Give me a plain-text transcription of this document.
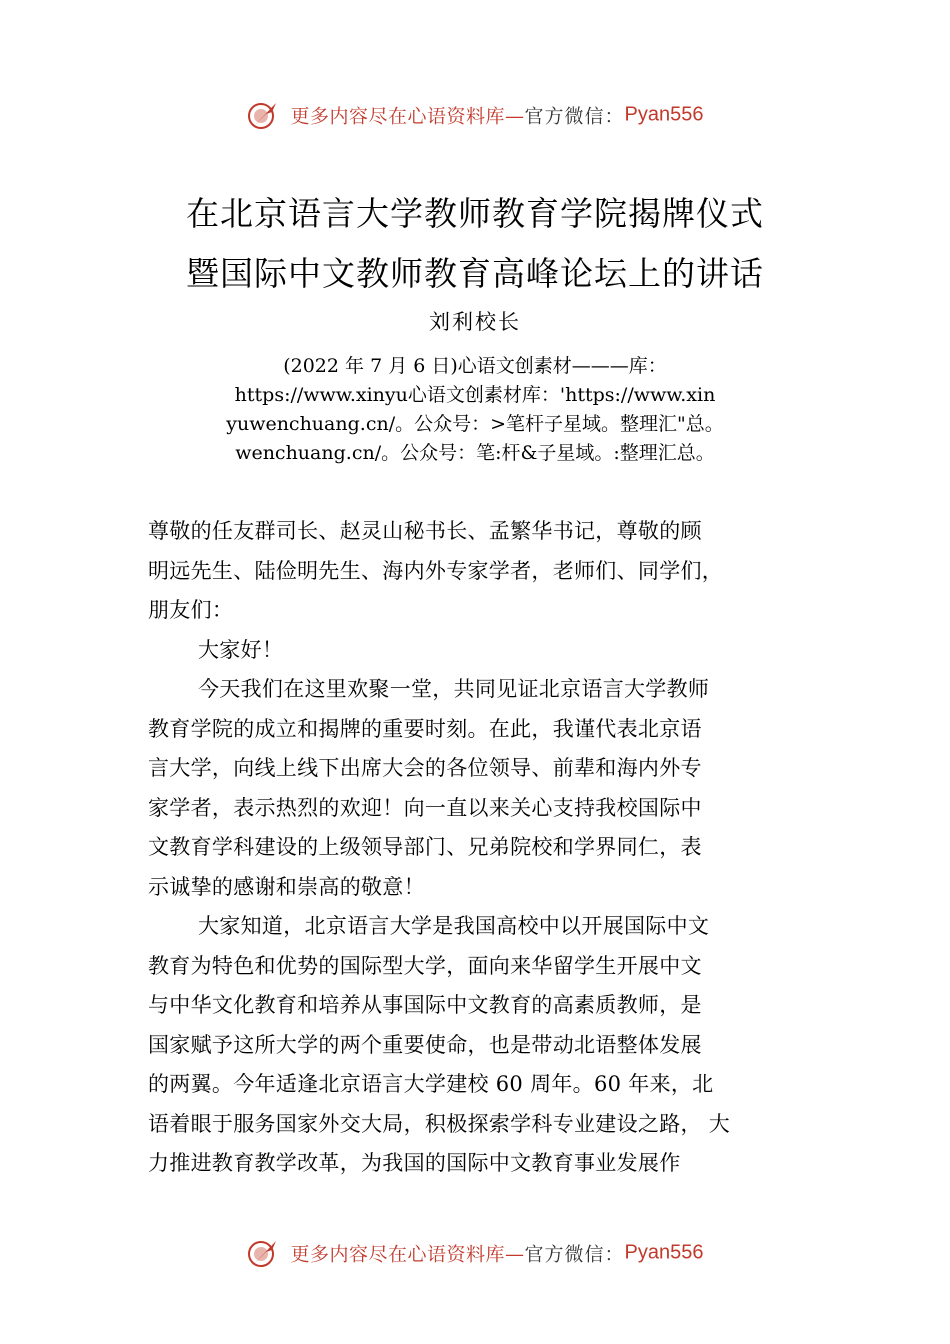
更多内容尽在心语资料库—官方微信：Pyan556
在北京语言大学教师教育学院揭牌仪式
暨国际中文教师教育高峰论坛上的讲话
刘利校长
(2022 年 7 月 6 日)心语文创素材———库：
https://www.xinyu心语文创素材库：'https://www.xin
yuwenchuang.cn/。公众号：>笔杆子星域。整理汇"总。
wenchuang.cn/。公众号：笔:杆&子星域。:整理汇总。
尊敬的任友群司长、赵灵山秘书长、孟繁华书记，尊敬的顾
明远先生、陆俭明先生、海内外专家学者，老师们、同学们，
朋友们：
大家好！
今天我们在这里欢聚一堂，共同见证北京语言大学教师
教育学院的成立和揭牌的重要时刻。在此，我谨代表北京语
言大学，向线上线下出席大会的各位领导、前辈和海内外专
家学者，表示热烈的欢迎！向一直以来关心支持我校国际中
文教育学科建设的上级领导部门、兄弟院校和学界同仁，表
示诚挚的感谢和崇高的敬意！
大家知道，北京语言大学是我国高校中以开展国际中文
教育为特色和优势的国际型大学，面向来华留学生开展中文
与中华文化教育和培养从事国际中文教育的高素质教师，是
国家赋予这所大学的两个重要使命，也是带动北语整体发展
的两翼。今年适逢北京语言大学建校 60 周年。60 年来，北
语着眼于服务国家外交大局，积极探索学科专业建设之路， 大
力推进教育教学改革，为我国的国际中文教育事业发展作
更多内容尽在心语资料库—官方微信：Pyan556
